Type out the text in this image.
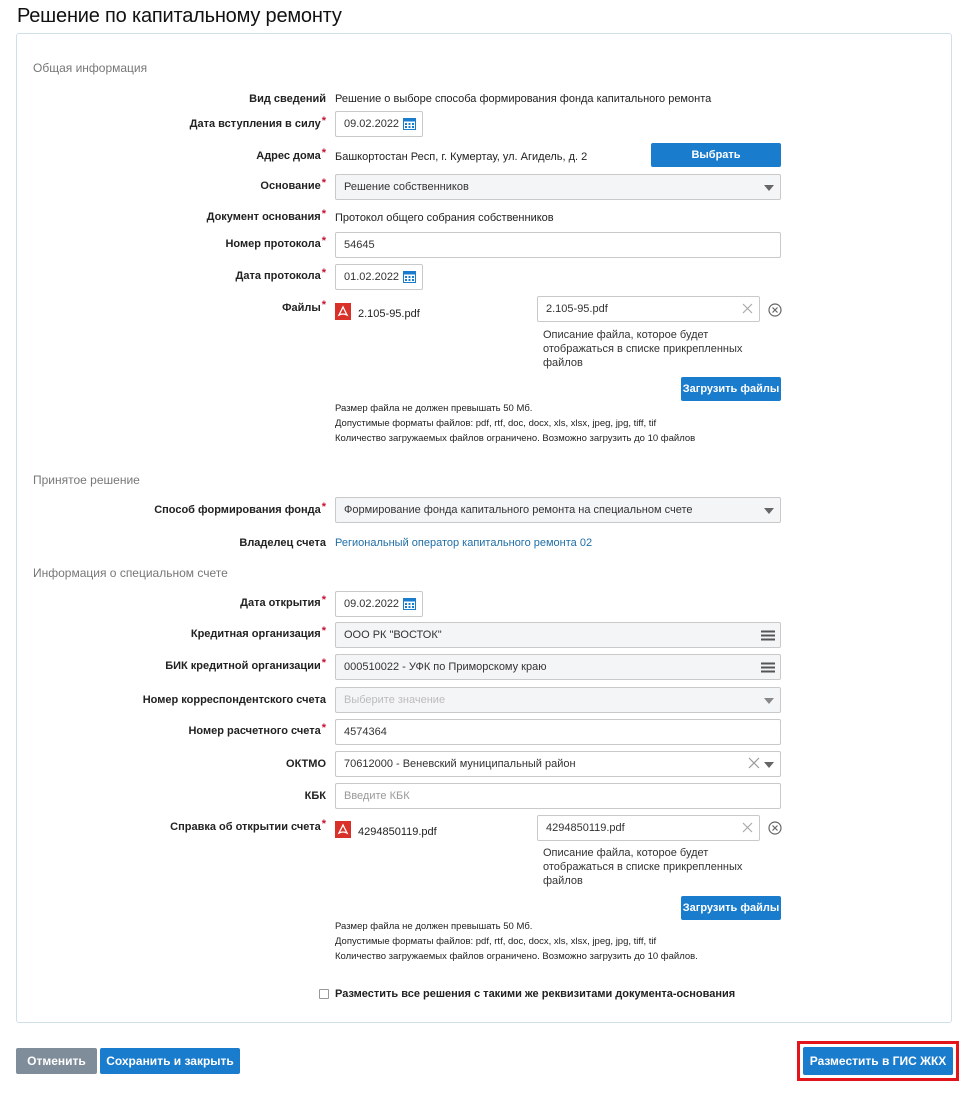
Решение по капитальному ремонту
Общая информация
Вид сведений Решение о выборе способа формирования фонда капитального ремонта
Дата вступления в силу*	09.02.2022
Адрес дома* Башкортостан Респ, г. Кумертау, ул. Агидель, д. 2	Выбрать
Основание*	Решение собственников
Документ основания* Протокол общего собрания собственников
Номер протокола*	54645
Дата протокола*	01.02.2022
Файлы*
2.105-95.pdf	2.105-95.pdf
Описание файла, которое будет отображаться в списке прикрепленных файлов
Загрузить файлы
Размер файла не должен превышать 50 Мб.
Допустимые форматы файлов: pdf, rtf, doc, docx, xls, xlsx, jpeg, jpg, tiff, tif
Количество загружаемых файлов ограничено. Возможно загрузить до 10 файлов
Принятое решение
Способ формирования фонда*	Формирование фонда капитального ремонта на специальном счете
Владелец счета Региональный оператор капитального ремонта 02
Информация о специальном счете
Дата открытия*	09.02.2022
Кредитная организация*	ООО РК "ВОСТОК"
БИК кредитной организации*	000510022 - УФК по Приморскому краю
Номер корреспондентского счета	Выберите значение
Номер расчетного счета*	4574364
ОКТМО	70612000 - Веневский муниципальный район
КБК	Введите КБК
Справка об открытии счета*
4294850119.pdf	4294850119.pdf
Описание файла, которое будет отображаться в списке прикрепленных файлов
Загрузить файлы
Размер файла не должен превышать 50 Мб.
Допустимые форматы файлов: pdf, rtf, doc, docx, xls, xlsx, jpeg, jpg, tiff, tif
Количество загружаемых файлов ограничено. Возможно загрузить до 10 файлов.
Разместить все решения с такими же реквизитами документа-основания
Отменить	Сохранить и закрыть	Разместить в ГИС ЖКХ
